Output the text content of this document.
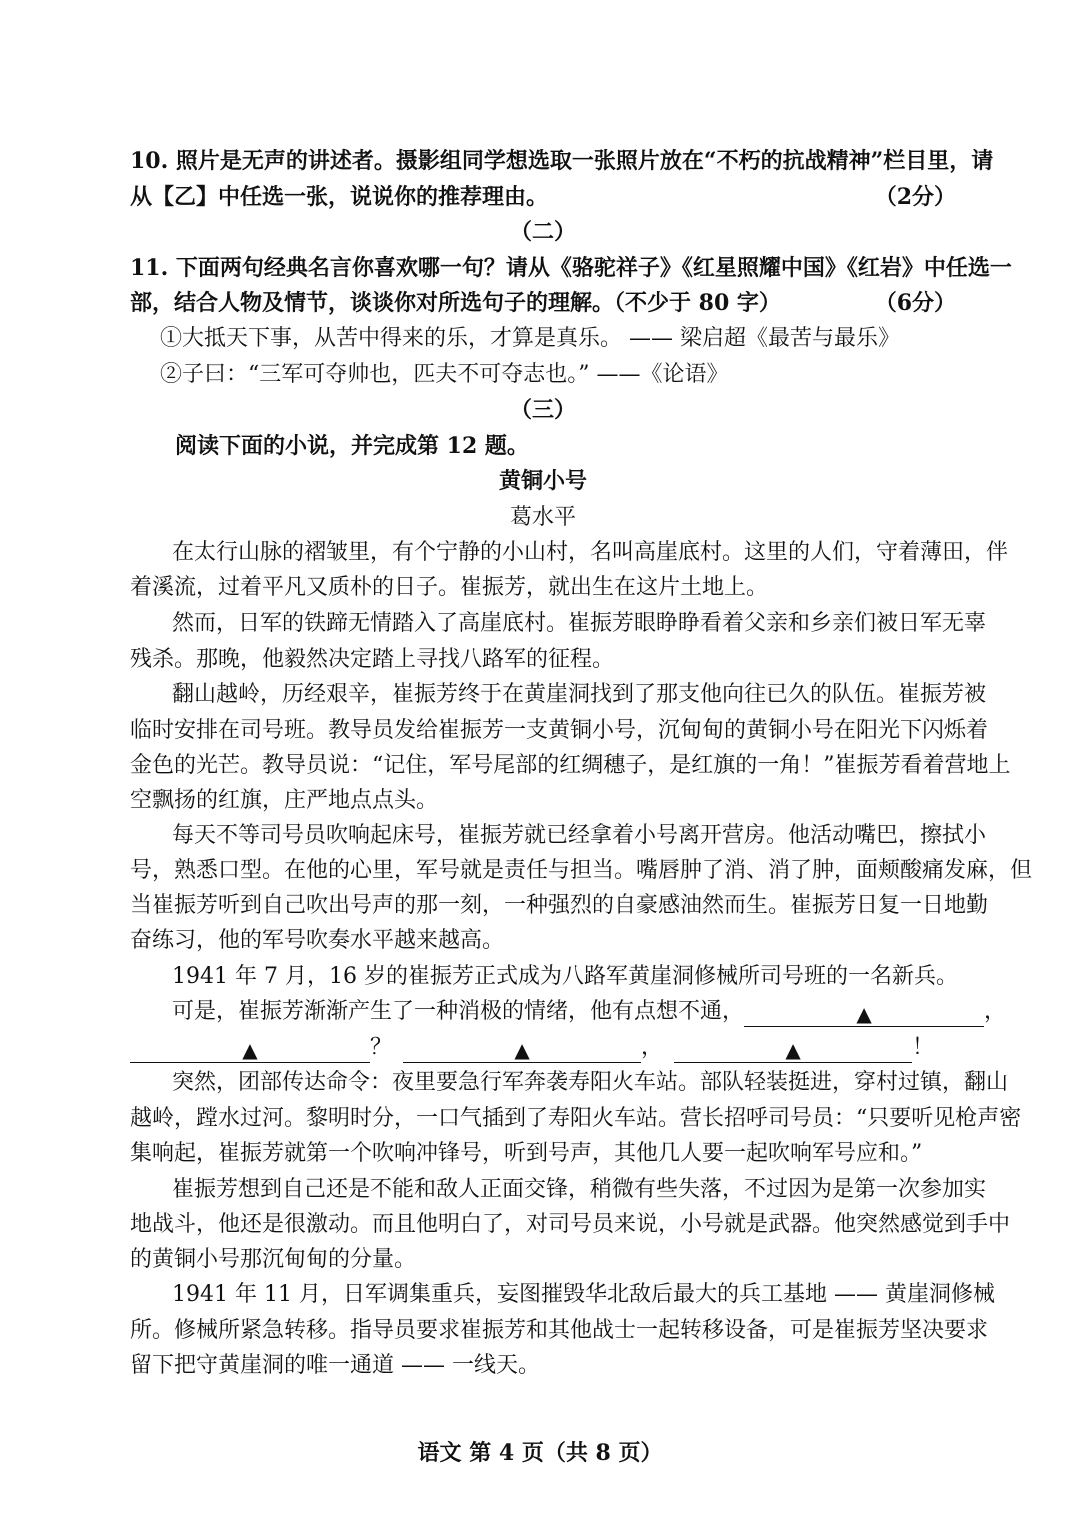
10. 照片是无声的讲述者。摄影组同学想选取一张照片放在“不朽的抗战精神”栏目里，请
从【乙】中任选一张，说说你的推荐理由。	（2分）
（二）
11. 下面两句经典名言你喜欢哪一句？请从《骆驼祥子》《红星照耀中国》《红岩》中任选一
部，结合人物及情节，谈谈你对所选句子的理解。（不少于 80 字）	（6分）
①大抵天下事，从苦中得来的乐，才算是真乐。 —— 梁启超《最苦与最乐》
②子曰：“三军可夺帅也，匹夫不可夺志也。” ——《论语》
（三）
阅读下面的小说，并完成第 12 题。
黄铜小号
葛水平
在太行山脉的褶皱里，有个宁静的小山村，名叫高崖底村。这里的人们，守着薄田，伴
着溪流，过着平凡又质朴的日子。崔振芳，就出生在这片土地上。
然而，日军的铁蹄无情踏入了高崖底村。崔振芳眼睁睁看着父亲和乡亲们被日军无辜
残杀。那晚，他毅然决定踏上寻找八路军的征程。
翻山越岭，历经艰辛，崔振芳终于在黄崖洞找到了那支他向往已久的队伍。崔振芳被
临时安排在司号班。教导员发给崔振芳一支黄铜小号，沉甸甸的黄铜小号在阳光下闪烁着
金色的光芒。教导员说：“记住，军号尾部的红绸穗子，是红旗的一角！”崔振芳看着营地上
空飘扬的红旗，庄严地点点头。
每天不等司号员吹响起床号，崔振芳就已经拿着小号离开营房。他活动嘴巴，擦拭小
号，熟悉口型。在他的心里，军号就是责任与担当。嘴唇肿了消、消了肿，面颊酸痛发麻，但
当崔振芳听到自己吹出号声的那一刻，一种强烈的自豪感油然而生。崔振芳日复一日地勤
奋练习，他的军号吹奏水平越来越高。
1941 年 7 月，16 岁的崔振芳正式成为八路军黄崖洞修械所司号班的一名新兵。
可是，崔振芳渐渐产生了一种消极的情绪，他有点想不通，	▲	，
▲	？	▲	，	▲	！
突然，团部传达命令：夜里要急行军奔袭寿阳火车站。部队轻装挺进，穿村过镇，翻山
越岭，蹚水过河。黎明时分，一口气插到了寿阳火车站。营长招呼司号员：“只要听见枪声密
集响起，崔振芳就第一个吹响冲锋号，听到号声，其他几人要一起吹响军号应和。”
崔振芳想到自己还是不能和敌人正面交锋，稍微有些失落，不过因为是第一次参加实
地战斗，他还是很激动。而且他明白了，对司号员来说，小号就是武器。他突然感觉到手中
的黄铜小号那沉甸甸的分量。
1941 年 11 月，日军调集重兵，妄图摧毁华北敌后最大的兵工基地 —— 黄崖洞修械
所。修械所紧急转移。指导员要求崔振芳和其他战士一起转移设备，可是崔振芳坚决要求
留下把守黄崖洞的唯一通道 —— 一线天。
语文 第 4 页（共 8 页）
